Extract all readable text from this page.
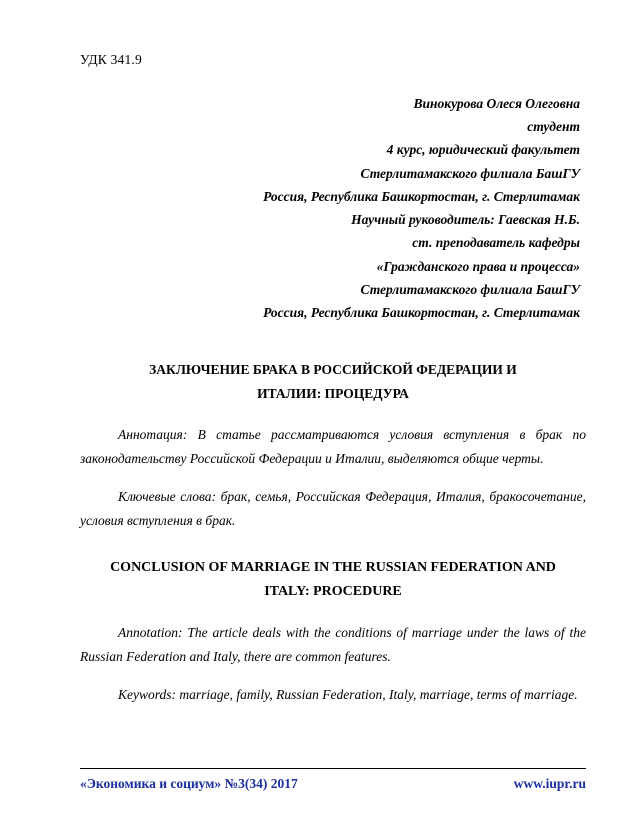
УДК 341.9
Винокурова Олеся Олеговна
студент
4 курс, юридический факультет
Стерлитамакского филиала БашГУ
Россия, Республика Башкортостан, г. Стерлитамак
Научный руководитель: Гаевская Н.Б.
ст. преподаватель кафедры
«Гражданского права и процесса»
Стерлитамакского филиала БашГУ
Россия, Республика Башкортостан, г. Стерлитамак
ЗАКЛЮЧЕНИЕ БРАКА В РОССИЙСКОЙ ФЕДЕРАЦИИ И ИТАЛИИ: ПРОЦЕДУРА

Аннотация: В статье рассматриваются условия вступления в брак по законодательству Российской Федерации и Италии, выделяются общие черты.

Ключевые слова: брак, семья, Российская Федерация, Италия, бракосочетание, условия вступления в брак.

CONCLUSION OF MARRIAGE IN THE RUSSIAN FEDERATION AND ITALY: PROCEDURE

Annotation: The article deals with the conditions of marriage under the laws of the Russian Federation and Italy, there are common features.

Keywords: marriage, family, Russian Federation, Italy, marriage, terms of marriage.

«Экономика и социум» №3(34) 2017	www.iupr.ru
